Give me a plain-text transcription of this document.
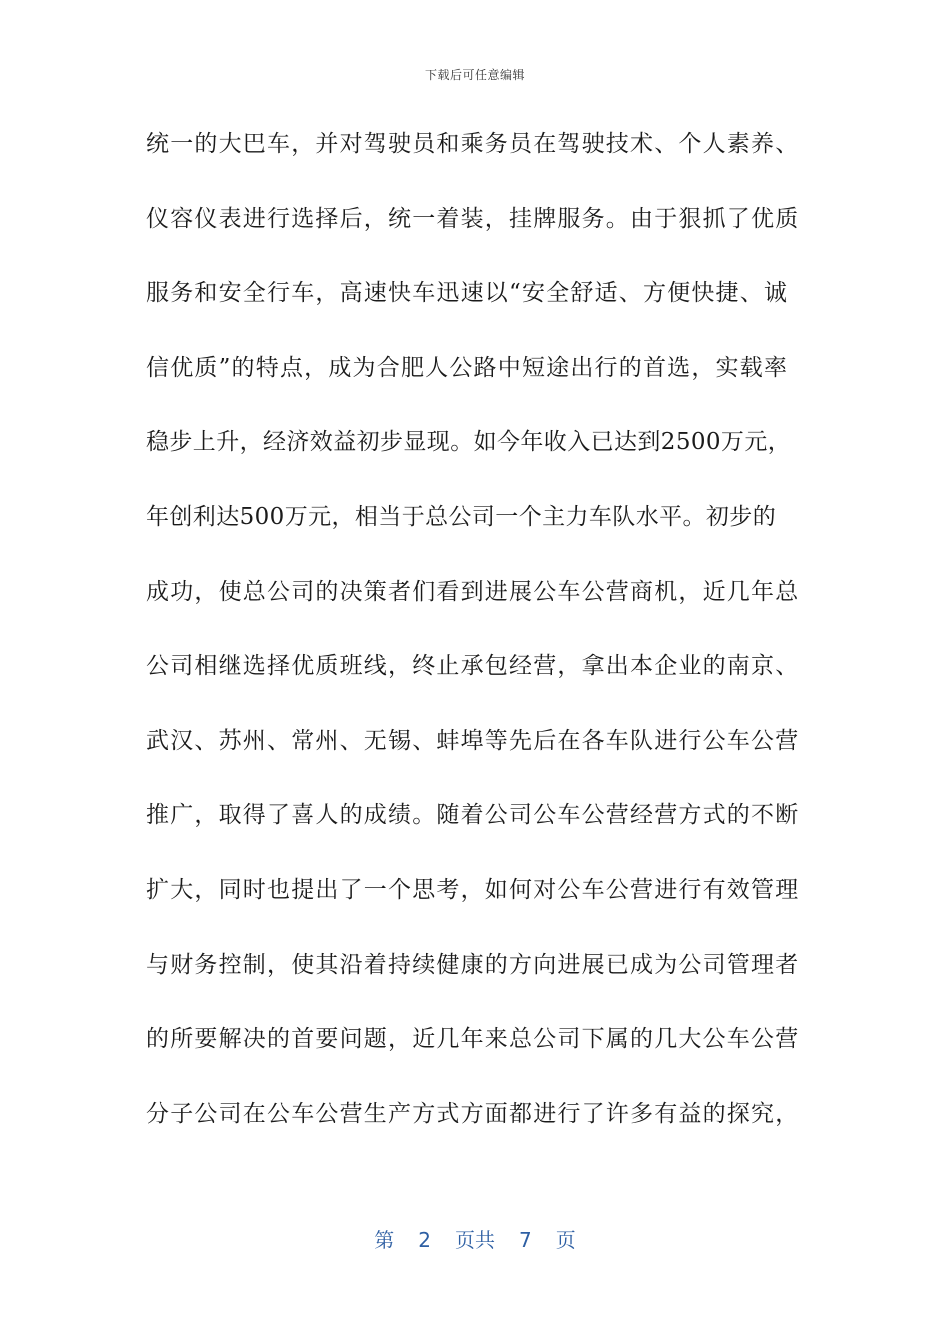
下载后可任意编辑
统一的大巴车，并对驾驶员和乘务员在驾驶技术、个人素养、
仪容仪表进行选择后，统一着装，挂牌服务。由于狠抓了优质
服务和安全行车，高速快车迅速以“安全舒适、方便快捷、诚
信优质”的特点，成为合肥人公路中短途出行的首选，实载率
稳步上升，经济效益初步显现。如今年收入已达到2500万元，
年创利达500万元，相当于总公司一个主力车队水平。初步的
成功，使总公司的决策者们看到进展公车公营商机，近几年总
公司相继选择优质班线，终止承包经营，拿出本企业的南京、
武汉、苏州、常州、无锡、蚌埠等先后在各车队进行公车公营
推广，取得了喜人的成绩。随着公司公车公营经营方式的不断
扩大，同时也提出了一个思考，如何对公车公营进行有效管理
与财务控制，使其沿着持续健康的方向进展已成为公司管理者
的所要解决的首要问题，近几年来总公司下属的几大公车公营
分子公司在公车公营生产方式方面都进行了许多有益的探究，
第 2 页共 7 页
